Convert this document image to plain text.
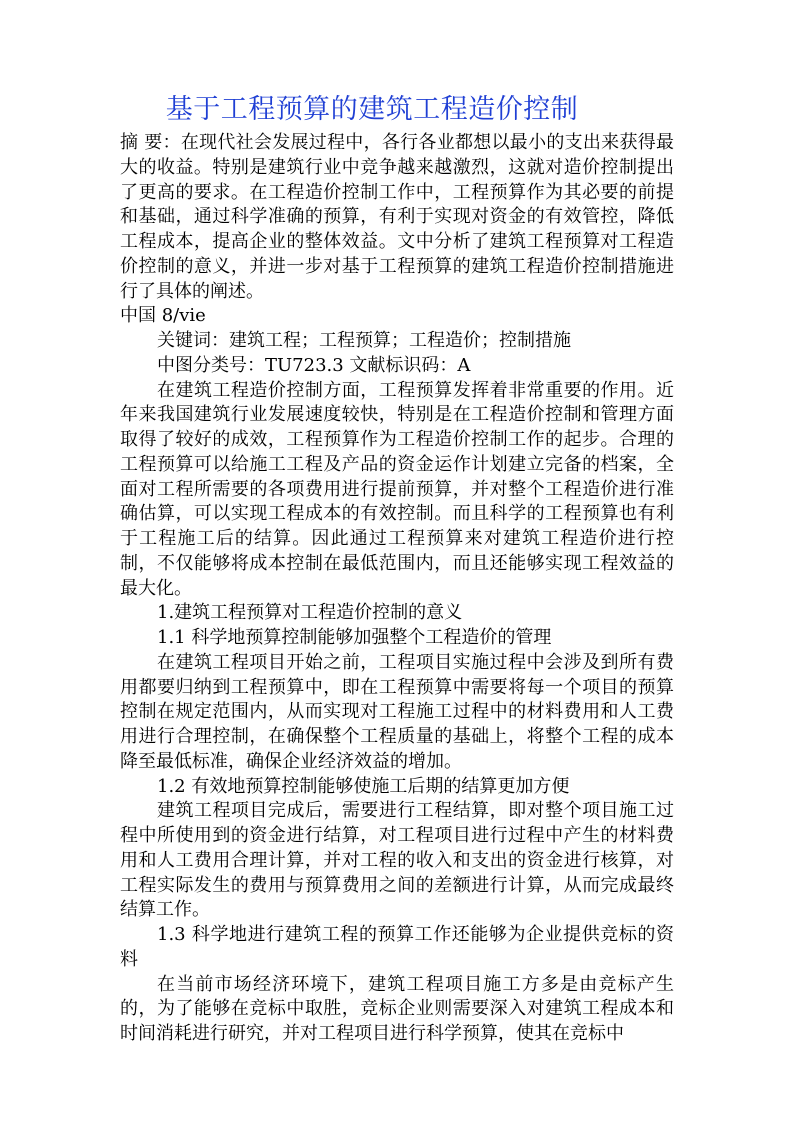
基于工程预算的建筑工程造价控制

摘 要：在现代社会发展过程中，各行各业都想以最小的支出来获得最大的收益。特别是建筑行业中竞争越来越激烈，这就对造价控制提出了更高的要求。在工程造价控制工作中，工程预算作为其必要的前提和基础，通过科学准确的预算，有利于实现对资金的有效管控，降低工程成本，提高企业的整体效益。文中分析了建筑工程预算对工程造价控制的意义，并进一步对基于工程预算的建筑工程造价控制措施进行了具体的阐述。

中国 8/vie

关键词：建筑工程；工程预算；工程造价；控制措施

中图分类号：TU723.3 文献标识码：A

在建筑工程造价控制方面，工程预算发挥着非常重要的作用。近年来我国建筑行业发展速度较快，特别是在工程造价控制和管理方面取得了较好的成效，工程预算作为工程造价控制工作的起步。合理的工程预算可以给施工工程及产品的资金运作计划建立完备的档案，全面对工程所需要的各项费用进行提前预算，并对整个工程造价进行准确估算，可以实现工程成本的有效控制。而且科学的工程预算也有利于工程施工后的结算。因此通过工程预算来对建筑工程造价进行控制，不仅能够将成本控制在最低范围内，而且还能够实现工程效益的最大化。

1.建筑工程预算对工程造价控制的意义

1.1 科学地预算控制能够加强整个工程造价的管理

在建筑工程项目开始之前，工程项目实施过程中会涉及到所有费用都要归纳到工程预算中，即在工程预算中需要将每一个项目的预算控制在规定范围内，从而实现对工程施工过程中的材料费用和人工费用进行合理控制，在确保整个工程质量的基础上，将整个工程的成本降至最低标准，确保企业经济效益的增加。

1.2 有效地预算控制能够使施工后期的结算更加方便

建筑工程项目完成后，需要进行工程结算，即对整个项目施工过程中所使用到的资金进行结算，对工程项目进行过程中产生的材料费用和人工费用合理计算，并对工程的收入和支出的资金进行核算，对工程实际发生的费用与预算费用之间的差额进行计算，从而完成最终结算工作。

1.3 科学地进行建筑工程的预算工作还能够为企业提供竞标的资料

在当前市场经济环境下，建筑工程项目施工方多是由竞标产生的，为了能够在竞标中取胜，竞标企业则需要深入对建筑工程成本和时间消耗进行研究，并对工程项目进行科学预算，使其在竞标中
